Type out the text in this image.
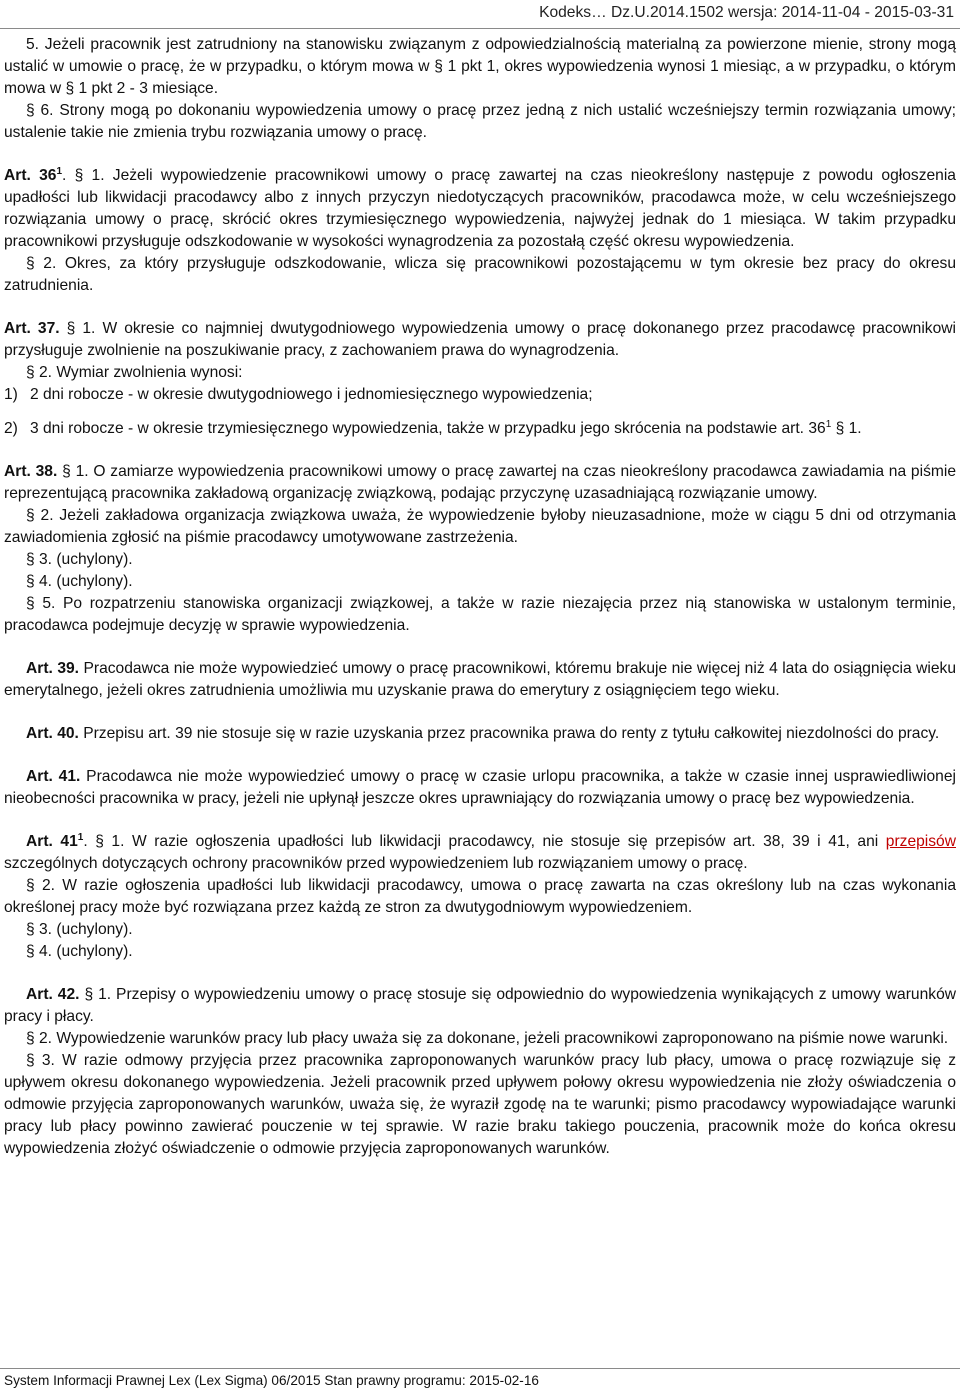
Kodeks… Dz.U.2014.1502 wersja: 2014-11-04 - 2015-03-31

5. Jeżeli pracownik jest zatrudniony na stanowisku związanym z odpowiedzialnością materialną za powierzone mienie, strony mogą ustalić w umowie o pracę, że w przypadku, o którym mowa w § 1 pkt 1, okres wypowiedzenia wynosi 1 miesiąc, a w przypadku, o którym mowa w § 1 pkt 2 - 3 miesiące.

§ 6. Strony mogą po dokonaniu wypowiedzenia umowy o pracę przez jedną z nich ustalić wcześniejszy termin rozwiązania umowy; ustalenie takie nie zmienia trybu rozwiązania umowy o pracę.

Art. $36^1$. § 1. Jeżeli wypowiedzenie pracownikowi umowy o pracę zawartej na czas nieokreślony następuje z powodu ogłoszenia upadłości lub likwidacji pracodawcy albo z innych przyczyn niedotyczących pracowników, pracodawca może, w celu wcześniejszego rozwiązania umowy o pracę, skrócić okres trzymiesięcznego wypowiedzenia, najwyżej jednak do 1 miesiąca. W takim przypadku pracownikowi przysługuje odszkodowanie w wysokości wynagrodzenia za pozostałą część okresu wypowiedzenia.

§ 2. Okres, za który przysługuje odszkodowanie, wlicza się pracownikowi pozostającemu w tym okresie bez pracy do okresu zatrudnienia.

Art. 37. § 1. W okresie co najmniej dwutygodniowego wypowiedzenia umowy o pracę dokonanego przez pracodawcę pracownikowi przysługuje zwolnienie na poszukiwanie pracy, z zachowaniem prawa do wynagrodzenia.

§ 2. Wymiar zwolnienia wynosi:

1) 2 dni robocze - w okresie dwutygodniowego i jednomiesięcznego wypowiedzenia;
2) 3 dni robocze - w okresie trzymiesięcznego wypowiedzenia, także w przypadku jego skrócenia na podstawie art. $36^1$ § 1.

Art. 38. § 1. O zamiarze wypowiedzenia pracownikowi umowy o pracę zawartej na czas nieokreślony pracodawca zawiadamia na piśmie reprezentującą pracownika zakładową organizację związkową, podając przyczynę uzasadniającą rozwiązanie umowy.

§ 2. Jeżeli zakładowa organizacja związkowa uważa, że wypowiedzenie byłoby nieuzasadnione, może w ciągu 5 dni od otrzymania zawiadomienia zgłosić na piśmie pracodawcy umotywowane zastrzeżenia.

§ 3. (uchylony).

§ 4. (uchylony).

§ 5. Po rozpatrzeniu stanowiska organizacji związkowej, a także w razie niezajęcia przez nią stanowiska w ustalonym terminie, pracodawca podejmuje decyzję w sprawie wypowiedzenia.

Art. 39. Pracodawca nie może wypowiedzieć umowy o pracę pracownikowi, któremu brakuje nie więcej niż 4 lata do osiągnięcia wieku emerytalnego, jeżeli okres zatrudnienia umożliwia mu uzyskanie prawa do emerytury z osiągnięciem tego wieku.

Art. 40. Przepisu art. 39 nie stosuje się w razie uzyskania przez pracownika prawa do renty z tytułu całkowitej niezdolności do pracy.

Art. 41. Pracodawca nie może wypowiedzieć umowy o pracę w czasie urlopu pracownika, a także w czasie innej usprawiedliwionej nieobecności pracownika w pracy, jeżeli nie upłynął jeszcze okres uprawniający do rozwiązania umowy o pracę bez wypowiedzenia.

Art. $41^1$. § 1. W razie ogłoszenia upadłości lub likwidacji pracodawcy, nie stosuje się przepisów art. 38, 39 i 41, ani przepisów szczególnych dotyczących ochrony pracowników przed wypowiedzeniem lub rozwiązaniem umowy o pracę.

§ 2. W razie ogłoszenia upadłości lub likwidacji pracodawcy, umowa o pracę zawarta na czas określony lub na czas wykonania określonej pracy może być rozwiązana przez każdą ze stron za dwutygodniowym wypowiedzeniem.

§ 3. (uchylony).

§ 4. (uchylony).

Art. 42. § 1. Przepisy o wypowiedzeniu umowy o pracę stosuje się odpowiednio do wypowiedzenia wynikających z umowy warunków pracy i płacy.

§ 2. Wypowiedzenie warunków pracy lub płacy uważa się za dokonane, jeżeli pracownikowi zaproponowano na piśmie nowe warunki.

§ 3. W razie odmowy przyjęcia przez pracownika zaproponowanych warunków pracy lub płacy, umowa o pracę rozwiązuje się z upływem okresu dokonanego wypowiedzenia. Jeżeli pracownik przed upływem połowy okresu wypowiedzenia nie złoży oświadczenia o odmowie przyjęcia zaproponowanych warunków, uważa się, że wyraził zgodę na te warunki; pismo pracodawcy wypowiadające warunki pracy lub płacy powinno zawierać pouczenie w tej sprawie. W razie braku takiego pouczenia, pracownik może do końca okresu wypowiedzenia złożyć oświadczenie o odmowie przyjęcia zaproponowanych warunków.

System Informacji Prawnej Lex (Lex Sigma) 06/2015 Stan prawny programu: 2015-02-16
